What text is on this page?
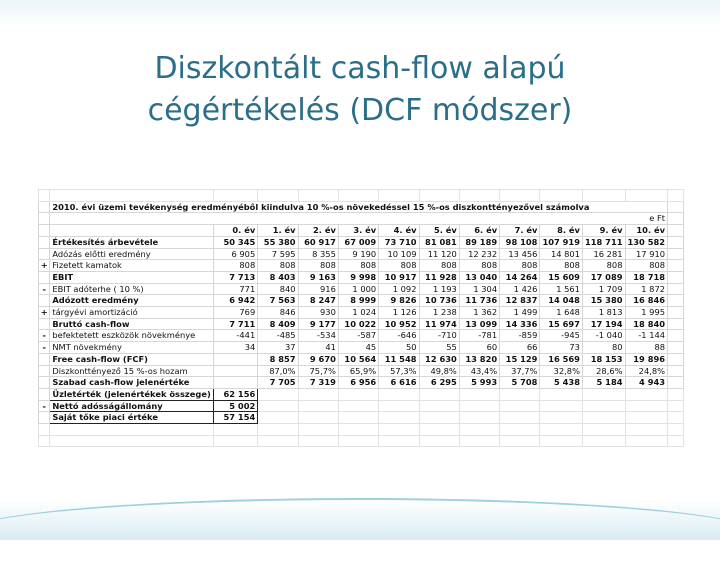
Diszkontált cash-flow alapú
cégértékelés (DCF módszer)

	2010. évi üzemi tevékenység eredményéből kiindulva 10 %-os növekedéssel 15 %-os diszkonttényezővel számolva												
	e Ft												
		0. év	1. év	2. év	3. év	4. év	5. év	6. év	7. év	8. év	9. év	10. év	
	Értékesítés árbevétele	50 345	55 380	60 917	67 009	73 710	81 081	89 189	98 108	107 919	118 711	130 582	
	Adózás előtti eredmény	6 905	7 595	8 355	9 190	10 109	11 120	12 232	13 456	14 801	16 281	17 910	
+	Fizetett kamatok	808	808	808	808	808	808	808	808	808	808	808	
	EBIT	7 713	8 403	9 163	9 998	10 917	11 928	13 040	14 264	15 609	17 089	18 718	
-	EBIT adóterhe ( 10 %)	771	840	916	1 000	1 092	1 193	1 304	1 426	1 561	1 709	1 872	
	Adózott eredmény	6 942	7 563	8 247	8 999	9 826	10 736	11 736	12 837	14 048	15 380	16 846	
+	tárgyévi amortizáció	769	846	930	1 024	1 126	1 238	1 362	1 499	1 648	1 813	1 995	
	Bruttó cash-flow	7 711	8 409	9 177	10 022	10 952	11 974	13 099	14 336	15 697	17 194	18 840	
-	befektetett eszközök növekménye	-441	-485	-534	-587	-646	-710	-781	-859	-945	-1 040	-1 144	
-	NMT növekmény	34	37	41	45	50	55	60	66	73	80	88	
	Free cash-flow (FCF)		8 857	9 670	10 564	11 548	12 630	13 820	15 129	16 569	18 153	19 896	
	Diszkonttényező 15 %-os hozam		87,0%	75,7%	65,9%	57,3%	49,8%	43,4%	37,7%	32,8%	28,6%	24,8%	
	Szabad cash-flow jelenértéke		7 705	7 319	6 956	6 616	6 295	5 993	5 708	5 438	5 184	4 943	
	Üzletérték (jelenértékek összege)	62 156											
-	Nettó adósságállomány	5 002											
	Saját tőke piaci értéke	57 154											
